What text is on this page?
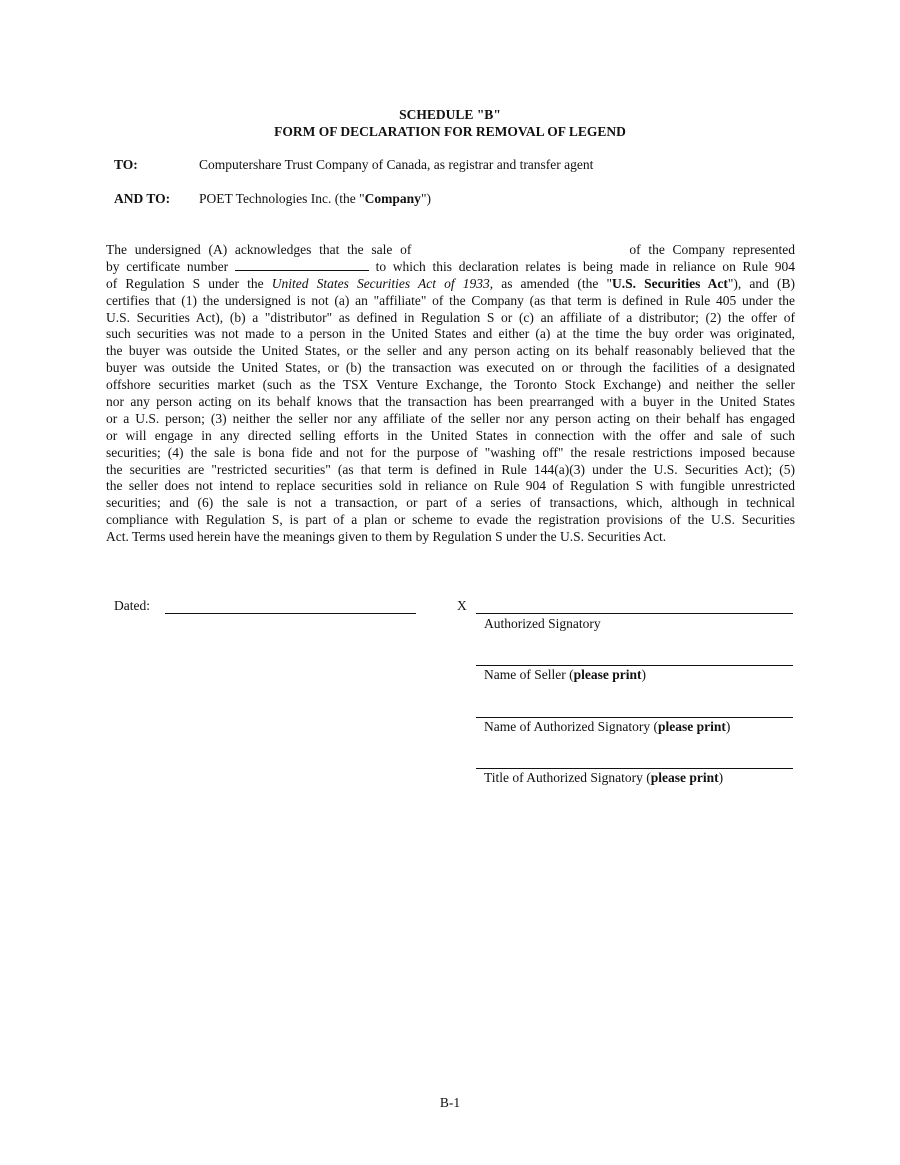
SCHEDULE "B"
FORM OF DECLARATION FOR REMOVAL OF LEGEND
TO:	Computershare Trust Company of Canada, as registrar and transfer agent
AND TO: POET Technologies Inc. (the "Company")
The undersigned (A) acknowledges that the sale of	of the Company represented
by certificate number	to which this declaration relates is being made in reliance on Rule 904
of Regulation S under the United States Securities Act of 1933, as amended (the "U.S. Securities Act"), and (B)
certifies that (1) the undersigned is not (a) an "affiliate" of the Company (as that term is defined in Rule 405 under the
U.S. Securities Act), (b) a "distributor" as defined in Regulation S or (c) an affiliate of a distributor; (2) the offer of
such securities was not made to a person in the United States and either (a) at the time the buy order was originated,
the buyer was outside the United States, or the seller and any person acting on its behalf reasonably believed that the
buyer was outside the United States, or (b) the transaction was executed on or through the facilities of a designated
offshore securities market (such as the TSX Venture Exchange, the Toronto Stock Exchange) and neither the seller
nor any person acting on its behalf knows that the transaction has been prearranged with a buyer in the United States
or a U.S. person; (3) neither the seller nor any affiliate of the seller nor any person acting on their behalf has engaged
or will engage in any directed selling efforts in the United States in connection with the offer and sale of such
securities; (4) the sale is bona fide and not for the purpose of "washing off" the resale restrictions imposed because
the securities are "restricted securities" (as that term is defined in Rule 144(a)(3) under the U.S. Securities Act); (5)
the seller does not intend to replace securities sold in reliance on Rule 904 of Regulation S with fungible unrestricted
securities; and (6) the sale is not a transaction, or part of a series of transactions, which, although in technical
compliance with Regulation S, is part of a plan or scheme to evade the registration provisions of the U.S. Securities
Act. Terms used herein have the meanings given to them by Regulation S under the U.S. Securities Act.
Dated:	X
Authorized Signatory
Name of Seller (please print)
Name of Authorized Signatory (please print)
Title of Authorized Signatory (please print)
B-1
